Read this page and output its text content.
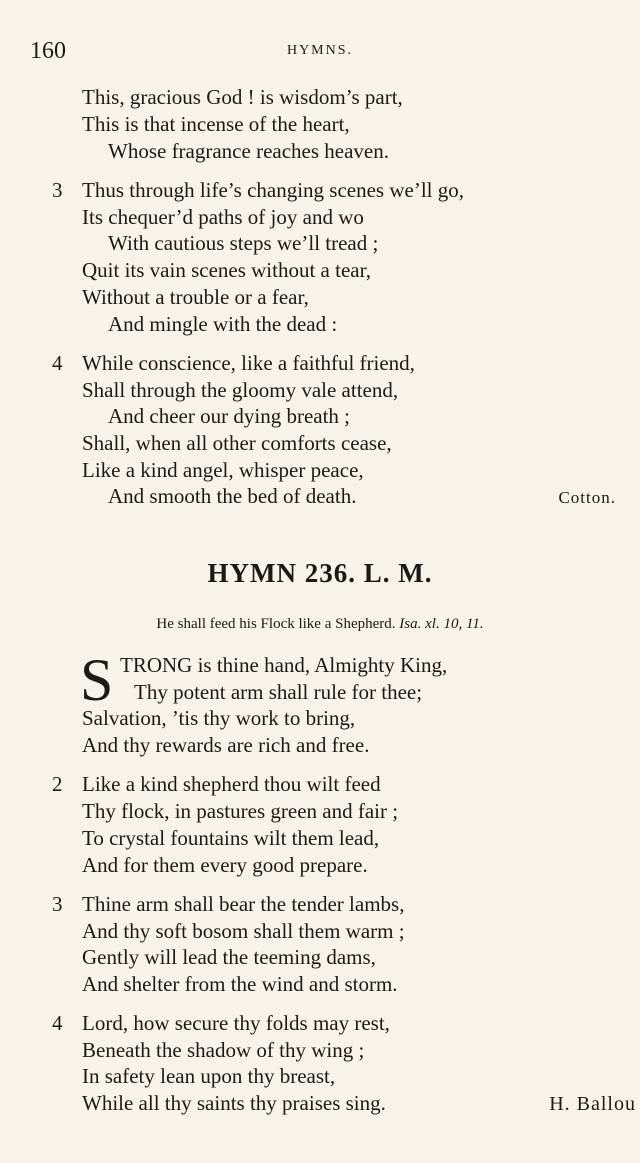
160	HYMNS.
This, gracious God ! is wisdom’s part,
This is that incense of the heart,
Whose fragrance reaches heaven.
3 Thus through life’s changing scenes we’ll go,
Its chequer’d paths of joy and wo
With cautious steps we’ll tread ;
Quit its vain scenes without a tear,
Without a trouble or a fear,
And mingle with the dead :
4 While conscience, like a faithful friend,
Shall through the gloomy vale attend,
And cheer our dying breath ;
Shall, when all other comforts cease,
Like a kind angel, whisper peace,
And smooth the bed of death.	Cotton.
HYMN 236. L. M.
He shall feed his Flock like a Shepherd. Isa. xl. 10, 11.
S TRONG is thine hand, Almighty King,
Thy potent arm shall rule for thee;
Salvation, ’tis thy work to bring,
And thy rewards are rich and free.
2 Like a kind shepherd thou wilt feed
Thy flock, in pastures green and fair ;
To crystal fountains wilt them lead,
And for them every good prepare.
3 Thine arm shall bear the tender lambs,
And thy soft bosom shall them warm ;
Gently will lead the teeming dams,
And shelter from the wind and storm.
4 Lord, how secure thy folds may rest,
Beneath the shadow of thy wing ;
In safety lean upon thy breast,
While all thy saints thy praises sing.	H. Ballou
